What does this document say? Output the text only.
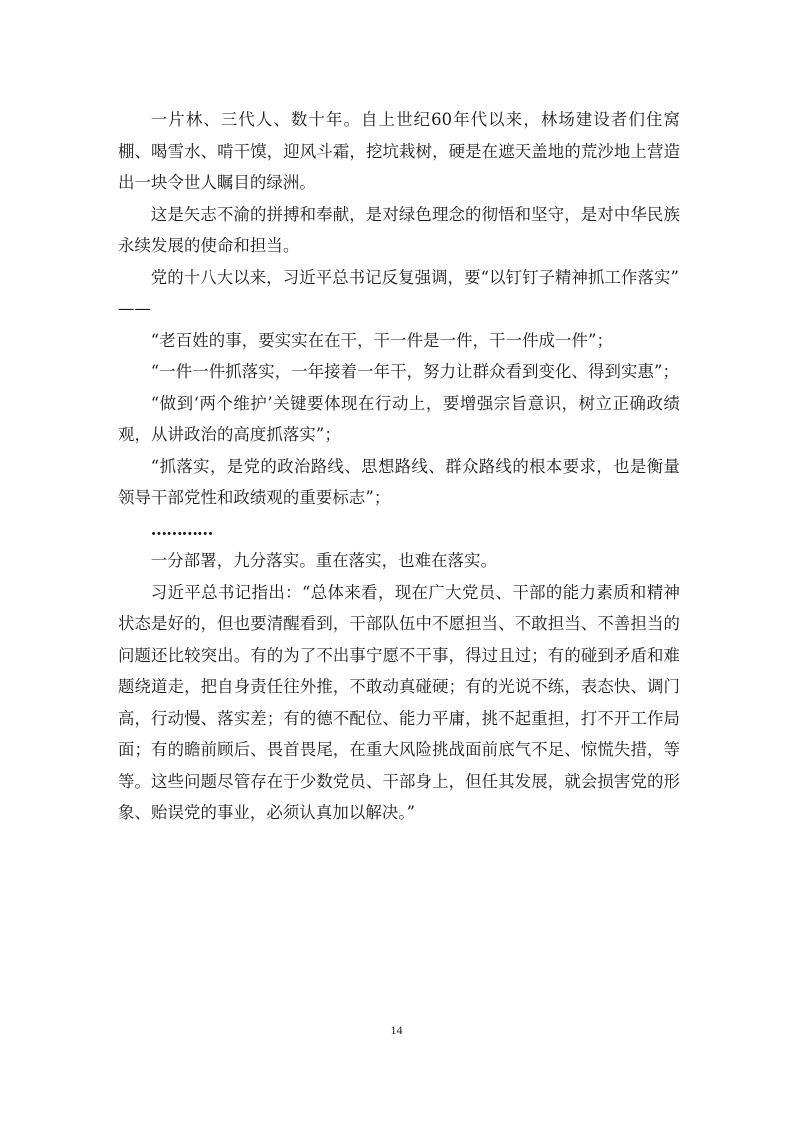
一片林、三代人、数十年。自上世纪60年代以来，林场建设者们住窝棚、喝雪水、啃干馍，迎风斗霜，挖坑栽树，硬是在遮天盖地的荒沙地上营造出一块令世人瞩目的绿洲。

这是矢志不渝的拼搏和奉献，是对绿色理念的彻悟和坚守，是对中华民族永续发展的使命和担当。

党的十八大以来，习近平总书记反复强调，要“以钉钉子精神抓工作落实”

——

“老百姓的事，要实实在在干，干一件是一件，干一件成一件”；

“一件一件抓落实，一年接着一年干，努力让群众看到变化、得到实惠”；

“做到‘两个维护’关键要体现在行动上，要增强宗旨意识，树立正确政绩观，从讲政治的高度抓落实”；

“抓落实，是党的政治路线、思想路线、群众路线的根本要求，也是衡量领导干部党性和政绩观的重要标志”；

…………

一分部署，九分落实。重在落实，也难在落实。

习近平总书记指出：“总体来看，现在广大党员、干部的能力素质和精神状态是好的，但也要清醒看到，干部队伍中不愿担当、不敢担当、不善担当的问题还比较突出。有的为了不出事宁愿不干事，得过且过；有的碰到矛盾和难题绕道走，把自身责任往外推，不敢动真碰硬；有的光说不练，表态快、调门高，行动慢、落实差；有的德不配位、能力平庸，挑不起重担，打不开工作局面；有的瞻前顾后、畏首畏尾，在重大风险挑战面前底气不足、惊慌失措，等等。这些问题尽管存在于少数党员、干部身上，但任其发展，就会损害党的形象、贻误党的事业，必须认真加以解决。”

14
